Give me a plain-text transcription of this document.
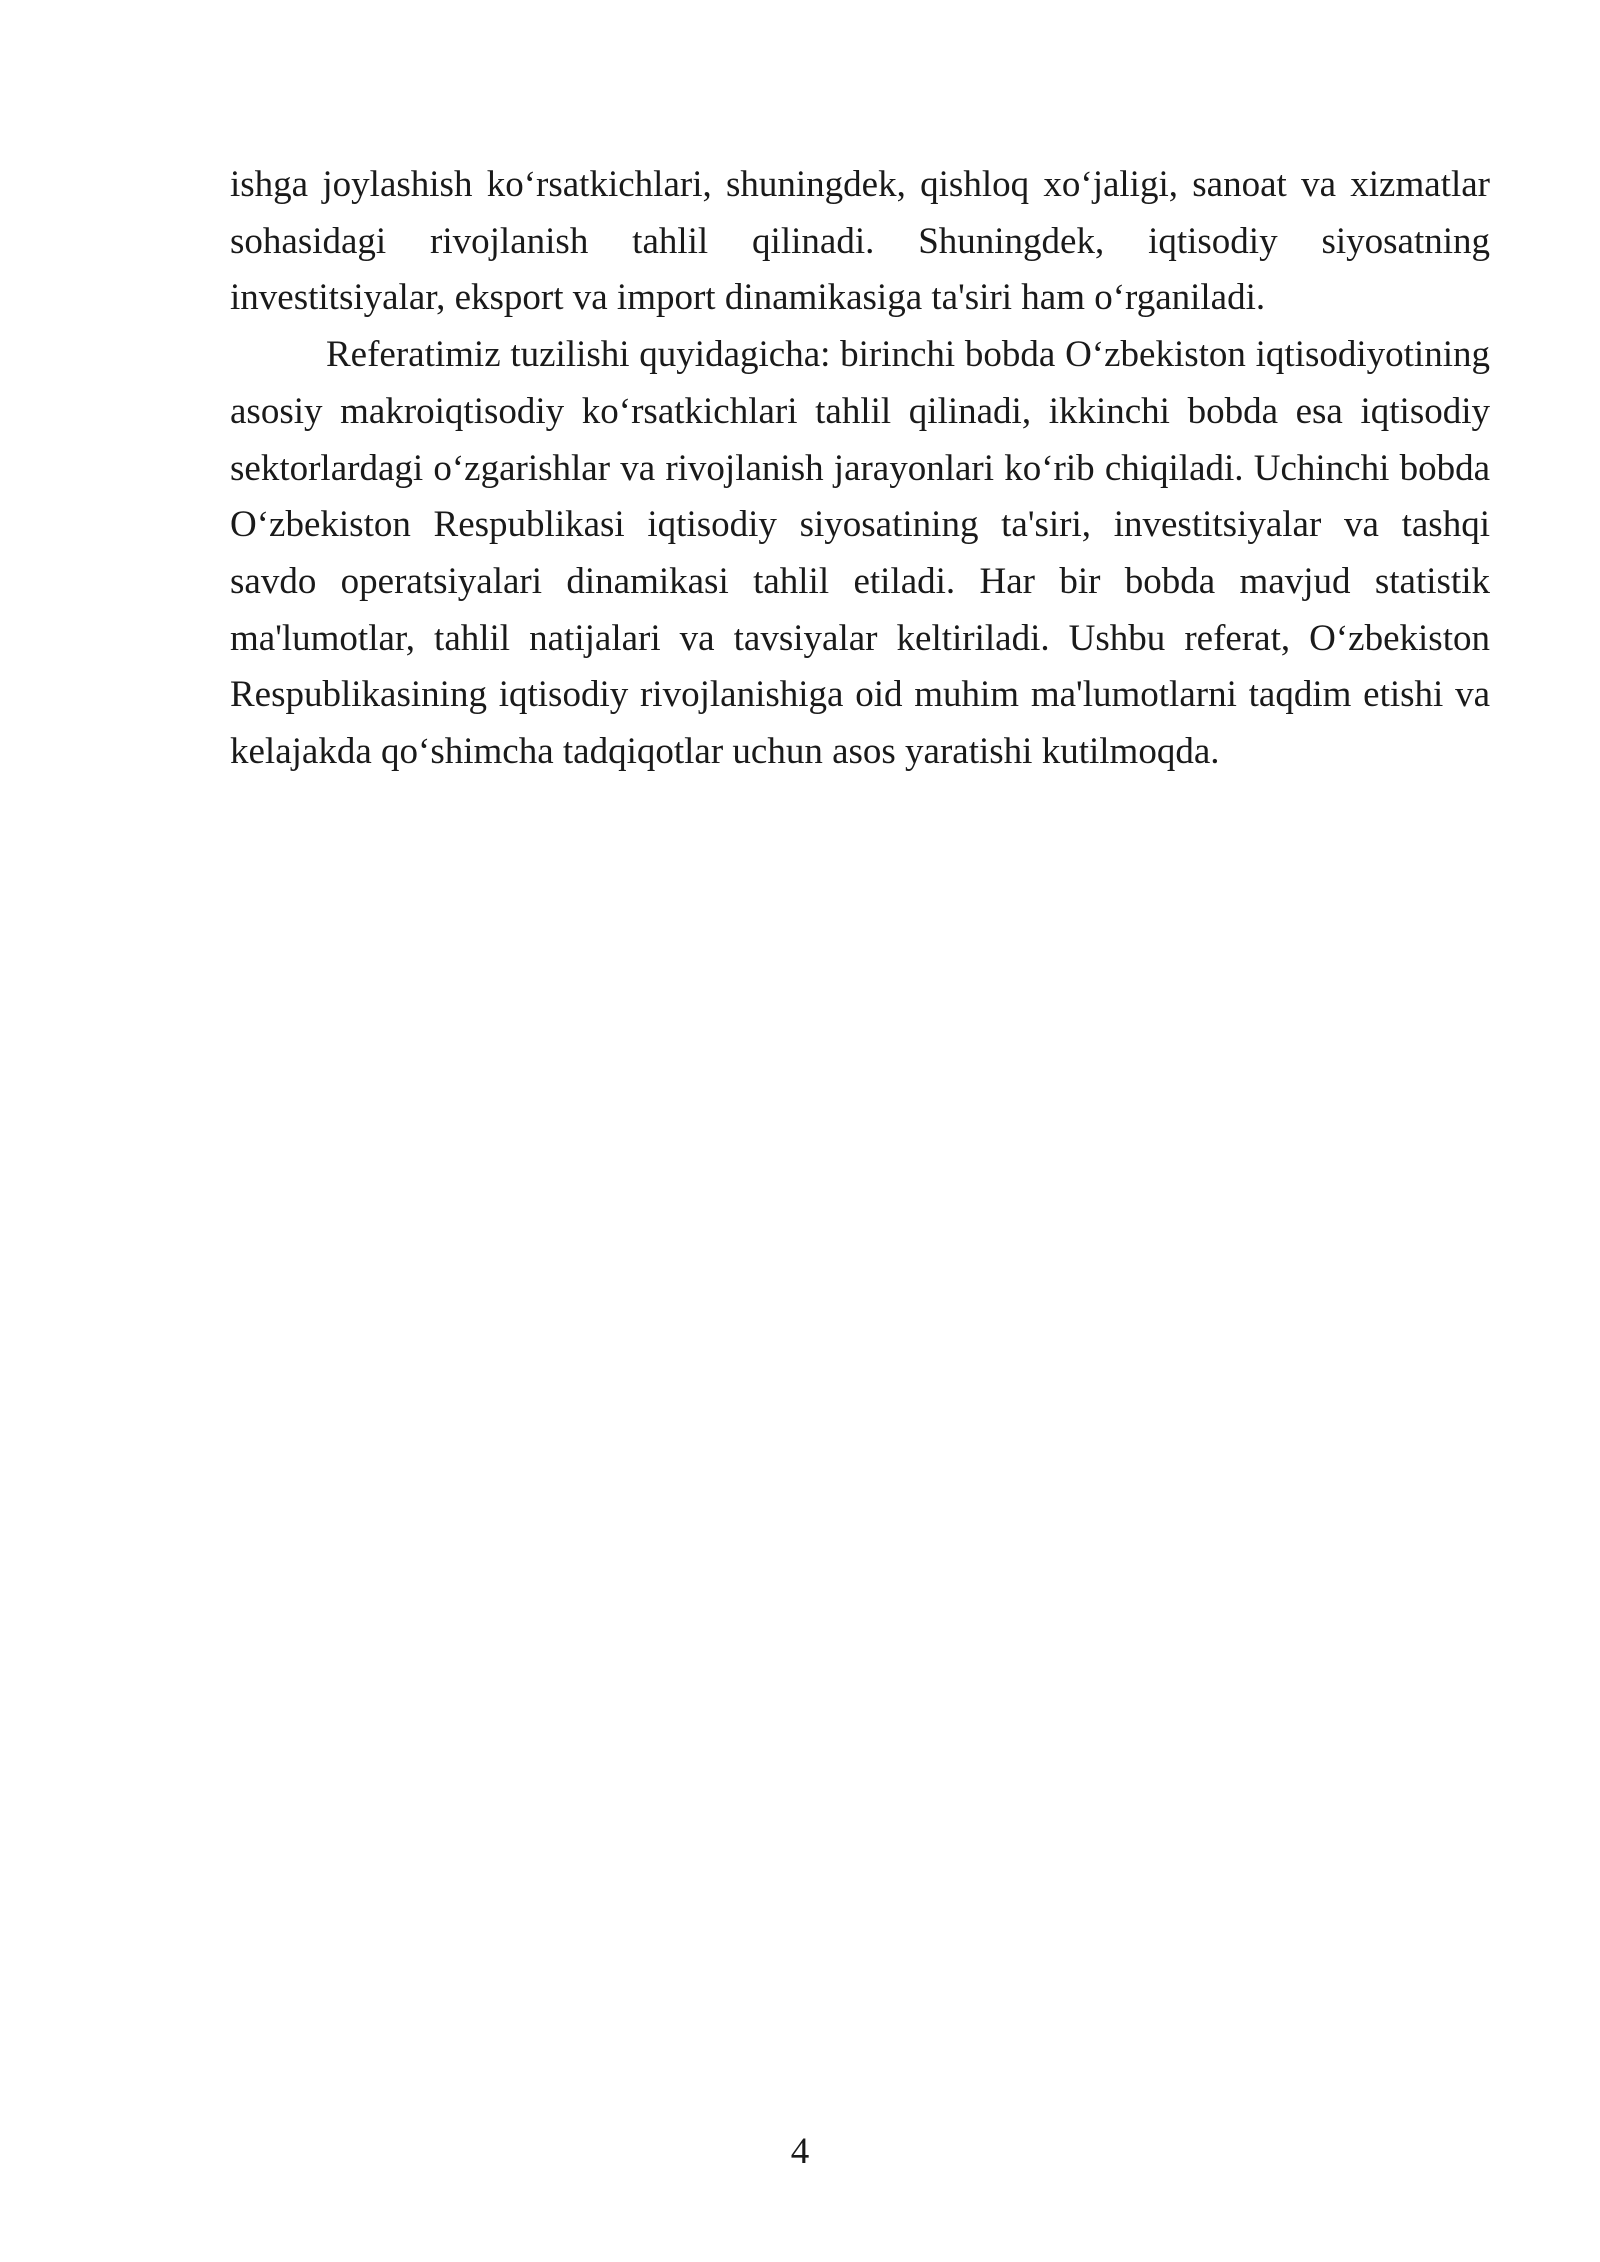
ishga joylashish ko‘rsatkichlari, shuningdek, qishloq xo‘jaligi, sanoat va xizmatlar sohasidagi rivojlanish tahlil qilinadi. Shuningdek, iqtisodiy siyosatning investitsiyalar, eksport va import dinamikasiga ta'siri ham o‘rganiladi.

Referatimiz tuzilishi quyidagicha: birinchi bobda O‘zbekiston iqtisodiyotining asosiy makroiqtisodiy ko‘rsatkichlari tahlil qilinadi, ikkinchi bobda esa iqtisodiy sektorlardagi o‘zgarishlar va rivojlanish jarayonlari ko‘rib chiqiladi. Uchinchi bobda O‘zbekiston Respublikasi iqtisodiy siyosatining ta'siri, investitsiyalar va tashqi savdo operatsiyalari dinamikasi tahlil etiladi. Har bir bobda mavjud statistik ma'lumotlar, tahlil natijalari va tavsiyalar keltiriladi. Ushbu referat, O‘zbekiston Respublikasining iqtisodiy rivojlanishiga oid muhim ma'lumotlarni taqdim etishi va kelajakda qo‘shimcha tadqiqotlar uchun asos yaratishi kutilmoqda.

4
